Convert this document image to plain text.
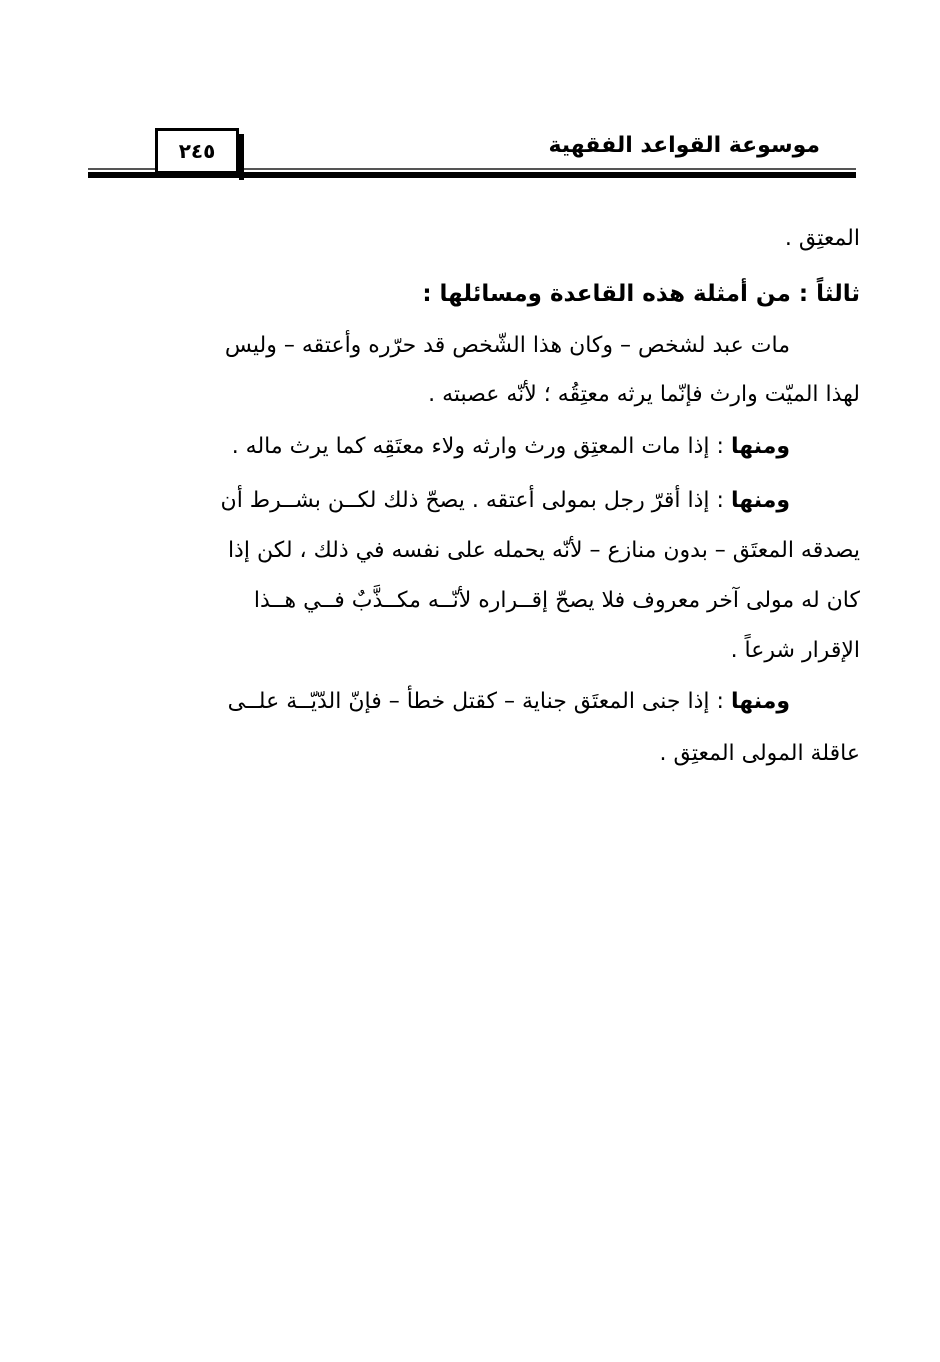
موسوعة القواعد الفقهية
٢٤٥
المعتِق .
ثالثاً : من أمثلة هذه القاعدة ومسائلها :
مات عبد لشخص – وكان هذا الشّخص قد حرّره وأعتقه – وليس
لهذا الميّت وارث فإنّما يرثه معتِقُه ؛ لأنّه عصبته .
ومنها : إذا مات المعتِق ورث وارثه ولاء معتَقِه كما يرث ماله .
ومنها : إذا أقرّ رجل بمولى أعتقه . يصحّ ذلك لكــن بشــرط أن
يصدقه المعتَق – بدون منازع – لأنّه يحمله على نفسه في ذلك ، لكن إذا
كان له مولى آخر معروف فلا يصحّ إقــراره لأنّــه مكــذَّبٌ فــي هــذا
الإقرار شرعاً .
ومنها : إذا جنى المعتَق جناية – كقتل خطأ – فإنّ الدّيّــة علــى
عاقلة المولى المعتِق .
